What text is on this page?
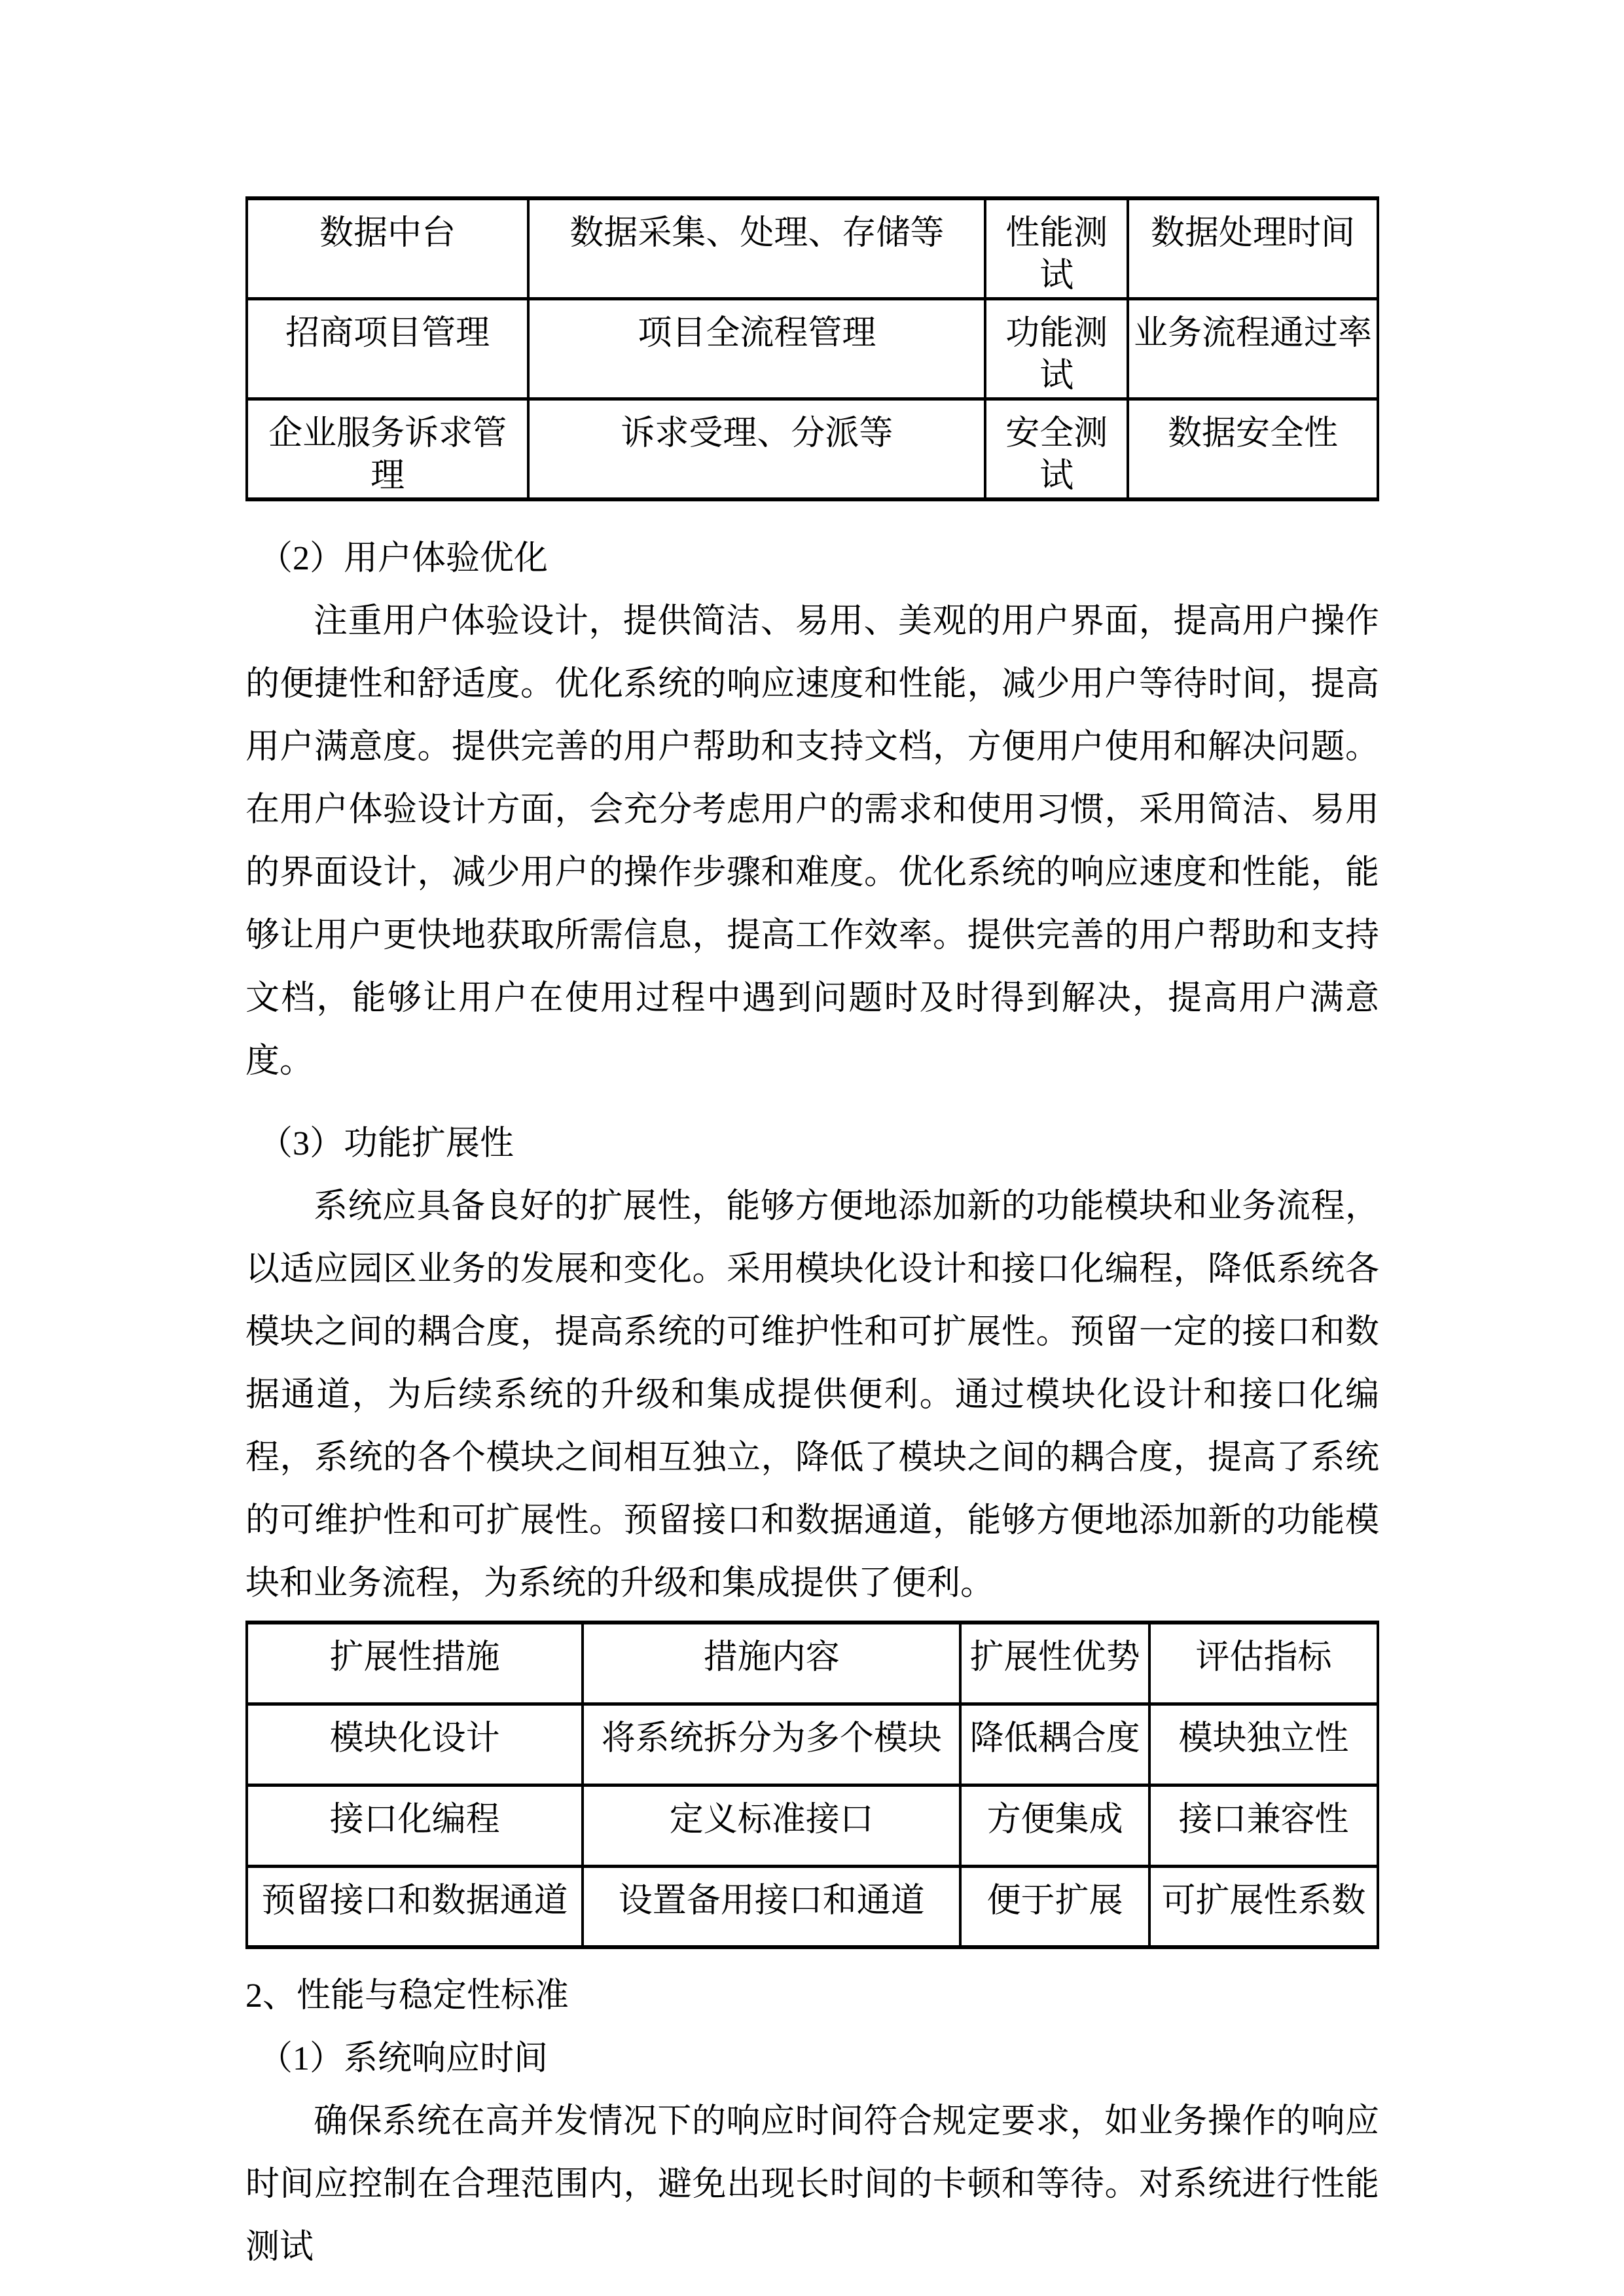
数据中台	数据采集、处理、存储等	性能测试	数据处理时间
招商项目管理	项目全流程管理	功能测试	业务流程通过率
企业服务诉求管理	诉求受理、分派等	安全测试	数据安全性
（2）用户体验优化

注重用户体验设计，提供简洁、易用、美观的用户界面，提高用户操作的便捷性和舒适度。优化系统的响应速度和性能，减少用户等待时间，提高用户满意度。提供完善的用户帮助和支持文档，方便用户使用和解决问题。在用户体验设计方面，会充分考虑用户的需求和使用习惯，采用简洁、易用的界面设计，减少用户的操作步骤和难度。优化系统的响应速度和性能，能够让用户更快地获取所需信息，提高工作效率。提供完善的用户帮助和支持文档，能够让用户在使用过程中遇到问题时及时得到解决，提高用户满意度。

（3）功能扩展性

系统应具备良好的扩展性，能够方便地添加新的功能模块和业务流程，以适应园区业务的发展和变化。采用模块化设计和接口化编程，降低系统各模块之间的耦合度，提高系统的可维护性和可扩展性。预留一定的接口和数据通道，为后续系统的升级和集成提供便利。通过模块化设计和接口化编程，系统的各个模块之间相互独立，降低了模块之间的耦合度，提高了系统的可维护性和可扩展性。预留接口和数据通道，能够方便地添加新的功能模块和业务流程，为系统的升级和集成提供了便利。

扩展性措施	措施内容	扩展性优势	评估指标
模块化设计	将系统拆分为多个模块	降低耦合度	模块独立性
接口化编程	定义标准接口	方便集成	接口兼容性
预留接口和数据通道	设置备用接口和通道	便于扩展	可扩展性系数
2、性能与稳定性标准
（1）系统响应时间

确保系统在高并发情况下的响应时间符合规定要求，如业务操作的响应时间应控制在合理范围内，避免出现长时间的卡顿和等待。对系统进行性能测试
